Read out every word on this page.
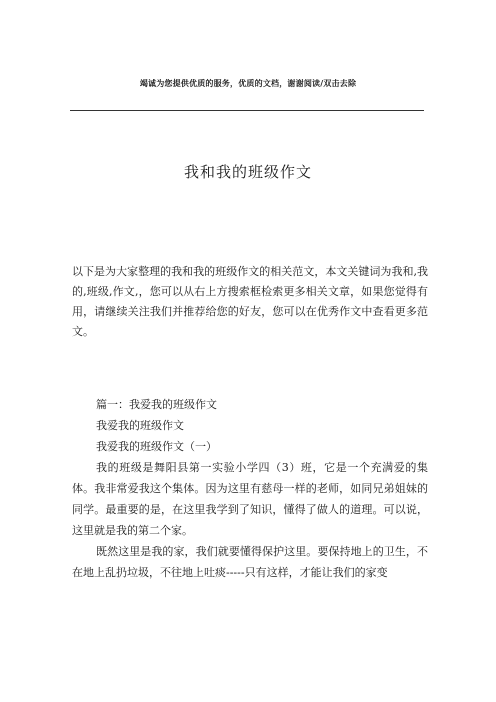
竭诚为您提供优质的服务，优质的文档，谢谢阅读/双击去除
我和我的班级作文
以下是为大家整理的我和我的班级作文的相关范文，本文关键词为我和,我的,班级,作文,，您可以从右上方搜索框检索更多相关文章，如果您觉得有用，请继续关注我们并推荐给您的好友，您可以在优秀作文中查看更多范文。

篇一：我爱我的班级作文

我爱我的班级作文

我爱我的班级作文（一）

我的班级是舞阳县第一实验小学四（3）班，它是一个充满爱的集体。我非常爱我这个集体。因为这里有慈母一样的老师，如同兄弟姐妹的同学。最重要的是，在这里我学到了知识，懂得了做人的道理。可以说，这里就是我的第二个家。

既然这里是我的家，我们就要懂得保护这里。要保持地上的卫生，不在地上乱扔垃圾，不往地上吐痰-----只有这样，才能让我们的家变
